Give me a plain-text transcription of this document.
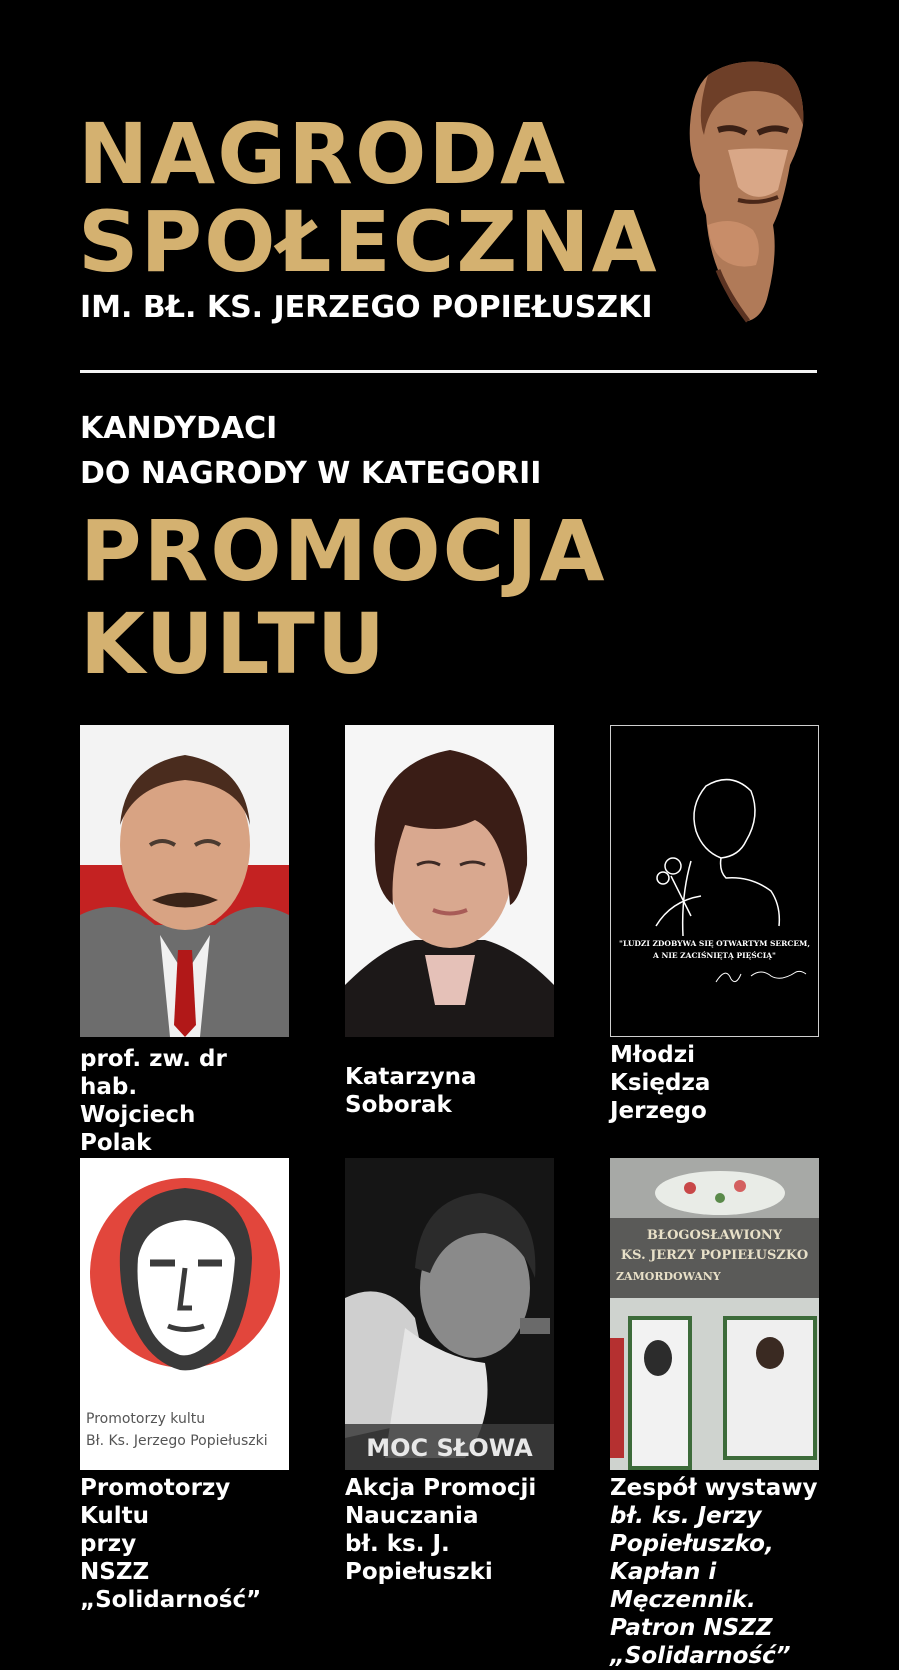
NAGRODA
SPOŁECZNA
IM. BŁ. KS. JERZEGO POPIEŁUSZKI
KANDYDACI
DO NAGRODY W KATEGORII
PROMOCJA
KULTU
prof. zw. dr hab.
Wojciech
Polak
Katarzyna
Soborak
"LUDZI ZDOBYWA SIĘ OTWARTYM SERCEM,
A NIE ZACIŚNIĘTĄ PIĘŚCIĄ"
Młodzi
Księdza
Jerzego
Promotorzy kultu
Bł. Ks. Jerzego Popiełuszki
Promotorzy Kultu
przy
NSZZ „Solidarność”
MOC SŁOWA
Akcja Promocji
Nauczania
bł. ks. J. Popiełuszki
BŁOGOSŁAWIONY
KS. JERZY POPIEŁUSZKO
ZAMORDOWANY
Zespół wystawy
bł. ks. Jerzy Popiełuszko,
Kapłan i Męczennik.
Patron NSZZ „Solidarność”
